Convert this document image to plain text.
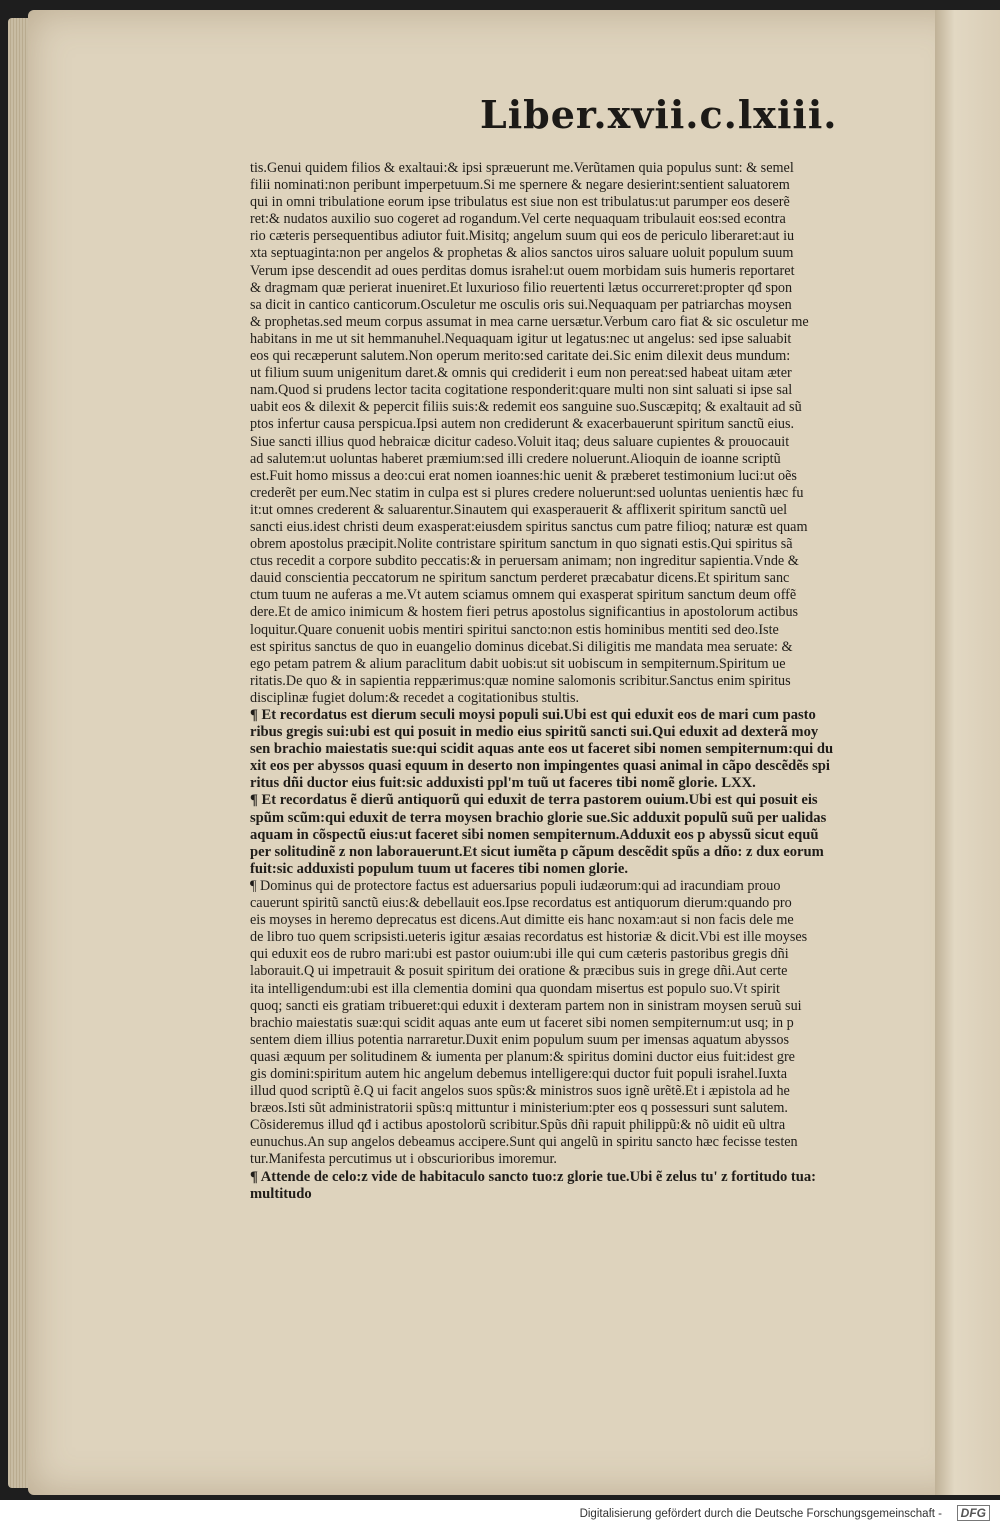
Liber.xvii.c.lxiii.
tis.Genui quidem filios & exaltaui:& ipsi spræuerunt me.Verũtamen quia populus sunt: & semel
filii nominati:non peribunt imperpetuum.Si me spernere & negare desierint:sentient saluatorem
qui in omni tribulatione eorum ipse tribulatus est siue non est tribulatus:ut parumper eos deserẽ
ret:& nudatos auxilio suo cogeret ad rogandum.Vel certe nequaquam tribulauit eos:sed econtra
rio cæteris persequentibus adiutor fuit.Misitq; angelum suum qui eos de periculo liberaret:aut iu
xta septuaginta:non per angelos & prophetas & alios sanctos uiros saluare uoluit populum suum
Verum ipse descendit ad oues perditas domus israhel:ut ouem morbidam suis humeris reportaret
& dragmam quæ perierat inueniret.Et luxurioso filio reuertenti lætus occurreret:propter qđ spon
sa dicit in cantico canticorum.Osculetur me osculis oris sui.Nequaquam per patriarchas moysen
& prophetas.sed meum corpus assumat in mea carne uersætur.Verbum caro fiat & sic osculetur me
habitans in me ut sit hemmanuhel.Nequaquam igitur ut legatus:nec ut angelus: sed ipse saluabit
eos qui recæperunt salutem.Non operum merito:sed caritate dei.Sic enim dilexit deus mundum:
ut filium suum unigenitum daret.& omnis qui crediderit i eum non pereat:sed habeat uitam æter
nam.Quod si prudens lector tacita cogitatione responderit:quare multi non sint saluati si ipse sal
uabit eos & dilexit & pepercit filiis suis:& redemit eos sanguine suo.Suscæpitq; & exaltauit ad sũ
ptos infertur causa perspicua.Ipsi autem non crediderunt & exacerbauerunt spiritum sanctũ eius.
Siue sancti illius quod hebraicæ dicitur cadeso.Voluit itaq; deus saluare cupientes & prouocauit
ad salutem:ut uoluntas haberet præmium:sed illi credere noluerunt.Alioquin de ioanne scriptũ
est.Fuit homo missus a deo:cui erat nomen ioannes:hic uenit & præberet testimonium luci:ut oẽs
crederẽt per eum.Nec statim in culpa est si plures credere noluerunt:sed uoluntas uenientis hæc fu
it:ut omnes crederent & saluarentur.Sinautem qui exasperauerit & afflixerit spiritum sanctũ uel
sancti eius.idest christi deum exasperat:eiusdem spiritus sanctus cum patre filioq; naturæ est quam
obrem apostolus præcipit.Nolite contristare spiritum sanctum in quo signati estis.Qui spiritus sã
ctus recedit a corpore subdito peccatis:& in peruersam animam; non ingreditur sapientia.Vnde &
dauid conscientia peccatorum ne spiritum sanctum perderet præcabatur dicens.Et spiritum sanc
ctum tuum ne auferas a me.Vt autem sciamus omnem qui exasperat spiritum sanctum deum offẽ
dere.Et de amico inimicum & hostem fieri petrus apostolus significantius in apostolorum actibus
loquitur.Quare conuenit uobis mentiri spiritui sancto:non estis hominibus mentiti sed deo.Iste
est spiritus sanctus de quo in euangelio dominus dicebat.Si diligitis me mandata mea seruate: &
ego petam patrem & alium paraclitum dabit uobis:ut sit uobiscum in sempiternum.Spiritum ue
ritatis.De quo & in sapientia reppærimus:quæ nomine salomonis scribitur.Sanctus enim spiritus
disciplinæ fugiet dolum:& recedet a cogitationibus stultis.
¶ Et recordatus est dierum seculi moysi populi sui.Ubi est qui eduxit eos de mari cum pasto
ribus gregis sui:ubi est qui posuit in medio eius spiritũ sancti sui.Qui eduxit ad dexterã moy
sen brachio maiestatis sue:qui scidit aquas ante eos ut faceret sibi nomen sempiternum:qui du
xit eos per abyssos quasi equum in deserto non impingentes quasi animal in cãpo descẽdẽs spi
ritus dñi ductor eius fuit:sic adduxisti ppl'm tuũ ut faceres tibi nomẽ glorie. LXX.
¶ Et recordatus ẽ dierũ antiquorũ qui eduxit de terra pastorem ouium.Ubi est qui posuit eis
spũm scũm:qui eduxit de terra moysen brachio glorie sue.Sic adduxit populũ suũ per ualidas
aquam in cõspectũ eius:ut faceret sibi nomen sempiternum.Adduxit eos p abyssũ sicut equũ
per solitudinẽ z non laborauerunt.Et sicut iumẽta p cãpum descẽdit spũs a dño: z dux eorum
fuit:sic adduxisti populum tuum ut faceres tibi nomen glorie.
¶ Dominus qui de protectore factus est aduersarius populi iudæorum:qui ad iracundiam prouo
cauerunt spiritũ sanctũ eius:& debellauit eos.Ipse recordatus est antiquorum dierum:quando pro
eis moyses in heremo deprecatus est dicens.Aut dimitte eis hanc noxam:aut si non facis dele me
de libro tuo quem scripsisti.ueteris igitur æsaias recordatus est historiæ & dicit.Vbi est ille moyses
qui eduxit eos de rubro mari:ubi est pastor ouium:ubi ille qui cum cæteris pastoribus gregis dñi
laborauit.Q ui impetrauit & posuit spiritum dei oratione & præcibus suis in grege dñi.Aut certe
ita intelligendum:ubi est illa clementia domini qua quondam misertus est populo suo.Vt spirit
quoq; sancti eis gratiam tribueret:qui eduxit i dexteram partem non in sinistram moysen seruũ sui
brachio maiestatis suæ:qui scidit aquas ante eum ut faceret sibi nomen sempiternum:ut usq; in p
sentem diem illius potentia narraretur.Duxit enim populum suum per imensas aquatum abyssos
quasi æquum per solitudinem & iumenta per planum:& spiritus domini ductor eius fuit:idest gre
gis domini:spiritum autem hic angelum debemus intelligere:qui ductor fuit populi israhel.Iuxta
illud quod scriptũ ẽ.Q ui facit angelos suos spũs:& ministros suos ignẽ urẽtẽ.Et i æpistola ad he
bræos.Isti sũt administratorii spũs:q mittuntur i ministerium:pter eos q possessuri sunt salutem.
Cõsideremus illud qđ i actibus apostolorũ scribitur.Spũs dñi rapuit philippũ:& nõ uidit eũ ultra
eunuchus.An sup angelos debeamus accipere.Sunt qui angelũ in spiritu sancto hæc fecisse testen
tur.Manifesta percutimus ut i obscurioribus imoremur.
¶ Attende de celo:z vide de habitaculo sancto tuo:z glorie tue.Ubi ẽ zelus tu' z fortitudo tua:
multitudo
Digitalisierung gefördert durch die Deutsche Forschungsgemeinschaft -	DFG
